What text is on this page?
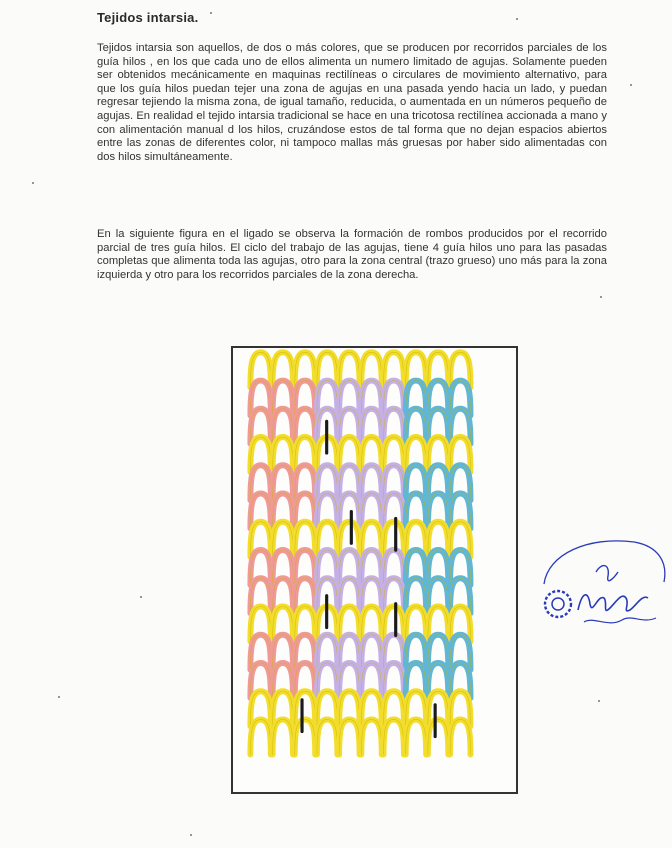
Tejidos intarsia.

Tejidos intarsia son aquellos, de dos o más colores, que se producen por recorridos parciales de los guía hilos , en los que cada uno de ellos alimenta un numero limitado de agujas. Solamente pueden ser obtenidos mecánicamente en maquinas rectilíneas o circulares de movimiento alternativo, para que los guía hilos puedan tejer una zona de agujas en una pasada yendo hacia un lado, y puedan regresar tejiendo la misma zona, de igual tamaño, reducida, o aumentada en un números pequeño de agujas. En realidad el tejido intarsia tradicional se hace en una tricotosa rectilínea accionada a mano y con alimentación manual d los hilos, cruzándose estos de tal forma que no dejan espacios abiertos entre las zonas de diferentes color, ni tampoco mallas más gruesas por haber sido alimentadas con dos hilos simultáneamente.

En la siguiente figura en el ligado se observa la formación de rombos producidos por el recorrido parcial de tres guía hilos. El ciclo del trabajo de las agujas, tiene 4 guía hilos uno para las pasadas completas que alimenta toda las agujas, otro para la zona central (trazo grueso) uno más para la zona izquierda y otro para los recorridos parciales de la zona derecha.
